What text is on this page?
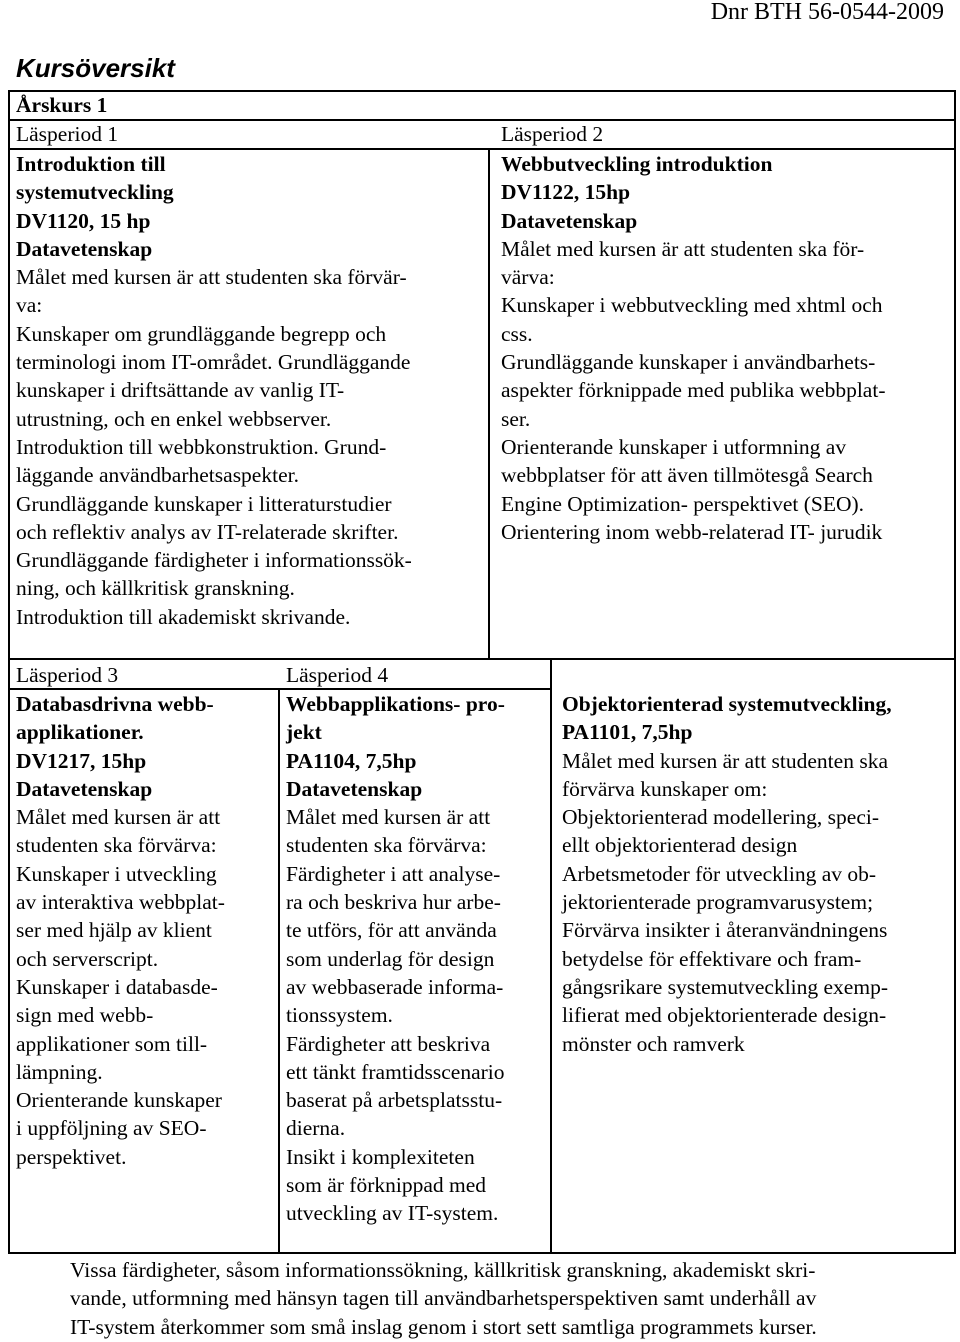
Dnr BTH 56-0544-2009
Kursöversikt
Årskurs 1
Läsperiod 1	Läsperiod 2
Introduktion till
systemutveckling
DV1120, 15 hp
Datavetenskap
Målet med kursen är att studenten ska förvär-
va:
Kunskaper om grundläggande begrepp och
terminologi inom IT-området. Grundläggande
kunskaper i driftsättande av vanlig IT-
utrustning, och en enkel webbserver.
Introduktion till webbkonstruktion. Grund-
läggande användbarhetsaspekter.
Grundläggande kunskaper i litteraturstudier
och reflektiv analys av IT-relaterade skrifter.
Grundläggande färdigheter i informationssök-
ning, och källkritisk granskning.
Introduktion till akademiskt skrivande.
Webbutveckling introduktion
DV1122, 15hp
Datavetenskap
Målet med kursen är att studenten ska för-
värva:
Kunskaper i webbutveckling med xhtml och
css.
Grundläggande kunskaper i användbarhets-
aspekter förknippade med publika webbplat-
ser.
Orienterande kunskaper i utformning av
webbplatser för att även tillmötesgå Search
Engine Optimization- perspektivet (SEO).
Orientering inom webb-relaterad IT- jurudik
Läsperiod 3	Läsperiod 4
Databasdrivna webb-
applikationer.
DV1217, 15hp
Datavetenskap
Målet med kursen är att
studenten ska förvärva:
Kunskaper i utveckling
av interaktiva webbplat-
ser med hjälp av klient
och serverscript.
Kunskaper i databasde-
sign med webb-
applikationer som till-
lämpning.
Orienterande kunskaper
i uppföljning av SEO-
perspektivet.
Webbapplikations- pro-
jekt
PA1104, 7,5hp
Datavetenskap
Målet med kursen är att
studenten ska förvärva:
Färdigheter i att analyse-
ra och beskriva hur arbe-
te utförs, för att använda
som underlag för design
av webbaserade informa-
tionssystem.
Färdigheter att beskriva
ett tänkt framtidsscenario
baserat på arbetsplatsstu-
dierna.
Insikt i komplexiteten
som är förknippad med
utveckling av IT-system.
Objektorienterad systemutveckling,
PA1101, 7,5hp
Målet med kursen är att studenten ska
förvärva kunskaper om:
Objektorienterad modellering, speci-
ellt objektorienterad design
Arbetsmetoder för utveckling av ob-
jektorienterade programvarusystem;
Förvärva insikter i återanvändningens
betydelse för effektivare och fram-
gångsrikare systemutveckling exemp-
lifierat med objektorienterade design-
mönster och ramverk
Vissa färdigheter, såsom informationssökning, källkritisk granskning, akademiskt skri-
vande, utformning med hänsyn tagen till användbarhetsperspektiven samt underhåll av
IT-system återkommer som små inslag genom i stort sett samtliga programmets kurser.
